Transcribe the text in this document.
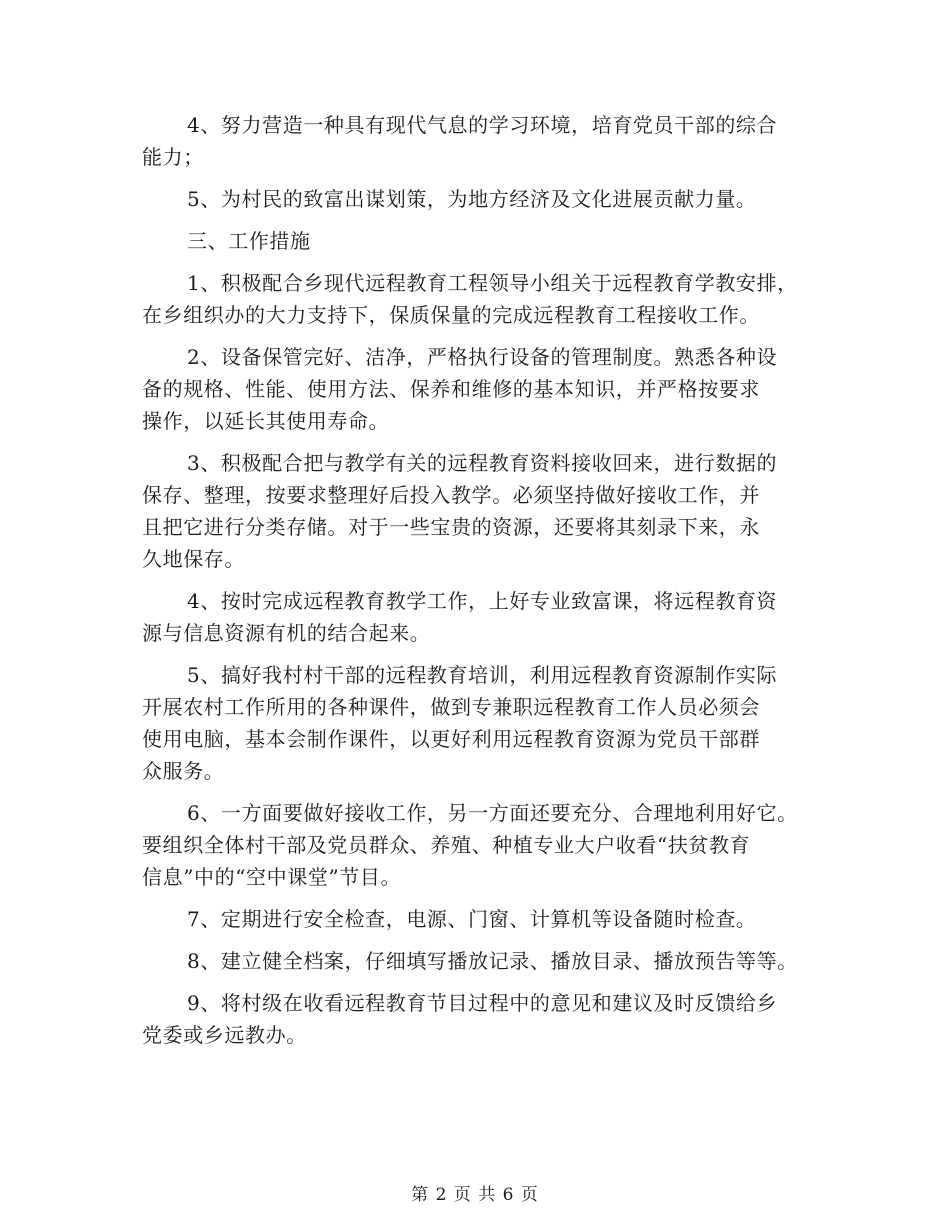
4、努力营造一种具有现代气息的学习环境，培育党员干部的综合
能力；
5、为村民的致富出谋划策，为地方经济及文化进展贡献力量。
三、工作措施
1、积极配合乡现代远程教育工程领导小组关于远程教育学教安排，
在乡组织办的大力支持下，保质保量的完成远程教育工程接收工作。
2、设备保管完好、洁净，严格执行设备的管理制度。熟悉各种设
备的规格、性能、使用方法、保养和维修的基本知识，并严格按要求
操作，以延长其使用寿命。
3、积极配合把与教学有关的远程教育资料接收回来，进行数据的
保存、整理，按要求整理好后投入教学。必须坚持做好接收工作，并
且把它进行分类存储。对于一些宝贵的资源，还要将其刻录下来，永
久地保存。
4、按时完成远程教育教学工作，上好专业致富课，将远程教育资
源与信息资源有机的结合起来。
5、搞好我村村干部的远程教育培训，利用远程教育资源制作实际
开展农村工作所用的各种课件，做到专兼职远程教育工作人员必须会
使用电脑，基本会制作课件，以更好利用远程教育资源为党员干部群
众服务。
6、一方面要做好接收工作，另一方面还要充分、合理地利用好它。
要组织全体村干部及党员群众、养殖、种植专业大户收看“扶贫教育
信息”中的“空中课堂”节目。
7、定期进行安全检查，电源、门窗、计算机等设备随时检查。
8、建立健全档案，仔细填写播放记录、播放目录、播放预告等等。
9、将村级在收看远程教育节目过程中的意见和建议及时反馈给乡
党委或乡远教办。
第 2 页 共 6 页
